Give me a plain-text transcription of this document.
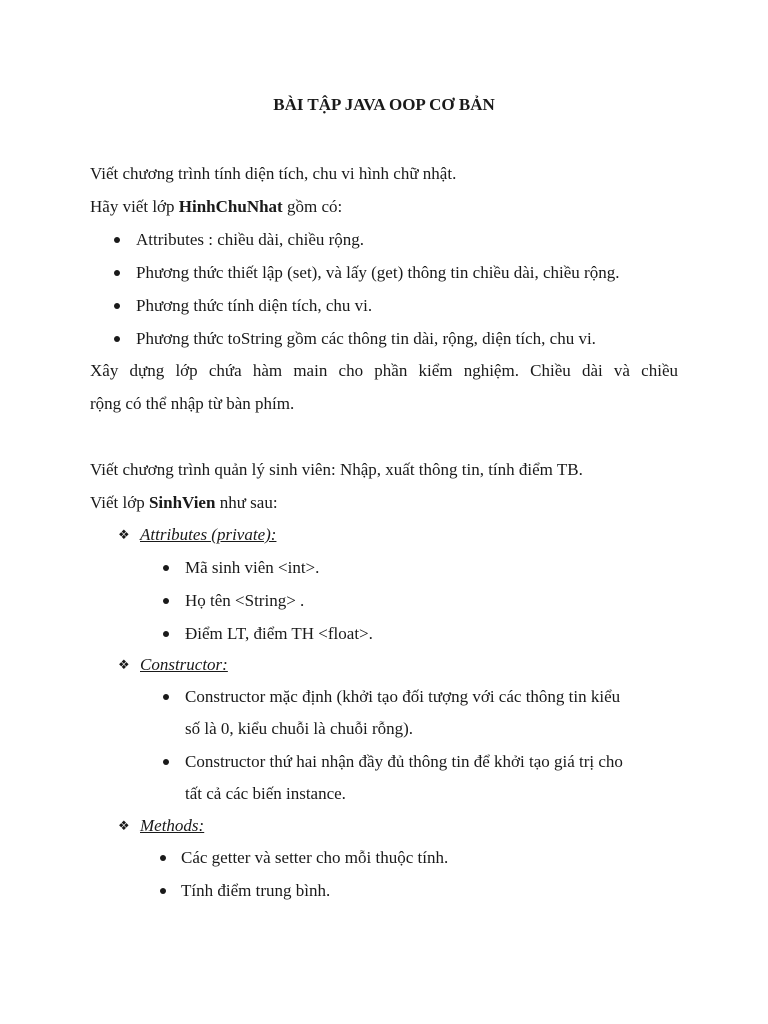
BÀI TẬP JAVA OOP CƠ BẢN
Viết chương trình tính diện tích, chu vi hình chữ nhật.
Hãy viết lớp HinhChuNhat gồm có:
Attributes : chiều dài, chiều rộng.
Phương thức thiết lập (set), và lấy (get) thông tin chiều dài, chiều rộng.
Phương thức tính diện tích, chu vi.
Phương thức toString gồm các thông tin dài, rộng, diện tích, chu vi.
Xây dựng lớp chứa hàm main cho phần kiểm nghiệm. Chiều dài và chiều
rộng có thể nhập từ bàn phím.
Viết chương trình quản lý sinh viên: Nhập, xuất thông tin, tính điểm TB.
Viết lớp SinhVien như sau:
❖ Attributes (private):
Mã sinh viên <int>.
Họ tên <String> .
Điểm LT, điểm TH <float>.
❖ Constructor:
Constructor mặc định (khởi tạo đối tượng với các thông tin kiểu
số là 0, kiểu chuỗi là chuỗi rỗng).
Constructor thứ hai nhận đầy đủ thông tin để khởi tạo giá trị cho
tất cả các biến instance.
❖ Methods:
Các getter và setter cho mỗi thuộc tính.
Tính điểm trung bình.
